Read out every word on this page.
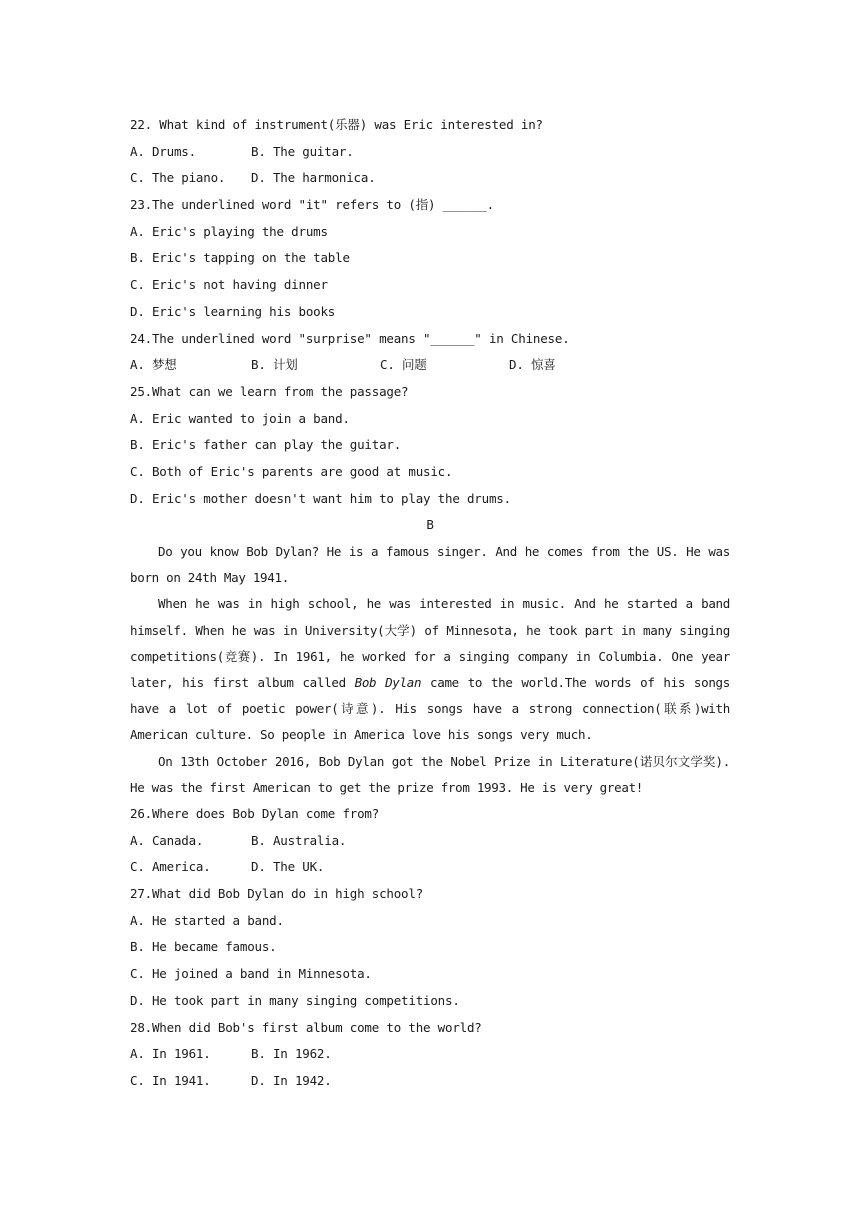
22. What kind of instrument(乐器) was Eric interested in?
A. Drums.	B. The guitar.
C. The piano.	D. The harmonica.
23.The underlined word "it" refers to (指) ______.
A. Eric's playing the drums
B. Eric's tapping on the table
C. Eric's not having dinner
D. Eric's learning his books
24.The underlined word "surprise" means "______" in Chinese.
A. 梦想	B. 计划	C. 问题	D. 惊喜
25.What can we learn from the passage?
A. Eric wanted to join a band.
B. Eric's father can play the guitar.
C. Both of Eric's parents are good at music.
D. Eric's mother doesn't want him to play the drums.
B
Do you know Bob Dylan? He is a famous singer. And he comes from the US. He was born on 24th May 1941.
When he was in high school, he was interested in music. And he started a band himself. When he was in University(大学) of Minnesota, he took part in many singing competitions(竞赛). In 1961, he worked for a singing company in Columbia. One year later, his first album called Bob Dylan came to the world.The words of his songs have a lot of poetic power(诗意). His songs have a strong connection(联系)with American culture. So people in America love his songs very much.
On 13th October 2016, Bob Dylan got the Nobel Prize in Literature(诺贝尔文学奖). He was the first American to get the prize from 1993. He is very great!
26.Where does Bob Dylan come from?
A. Canada.	B. Australia.
C. America.	D. The UK.
27.What did Bob Dylan do in high school?
A. He started a band.
B. He became famous.
C. He joined a band in Minnesota.
D. He took part in many singing competitions.
28.When did Bob's first album come to the world?
A. In 1961.	B. In 1962.
C. In 1941.	D. In 1942.
